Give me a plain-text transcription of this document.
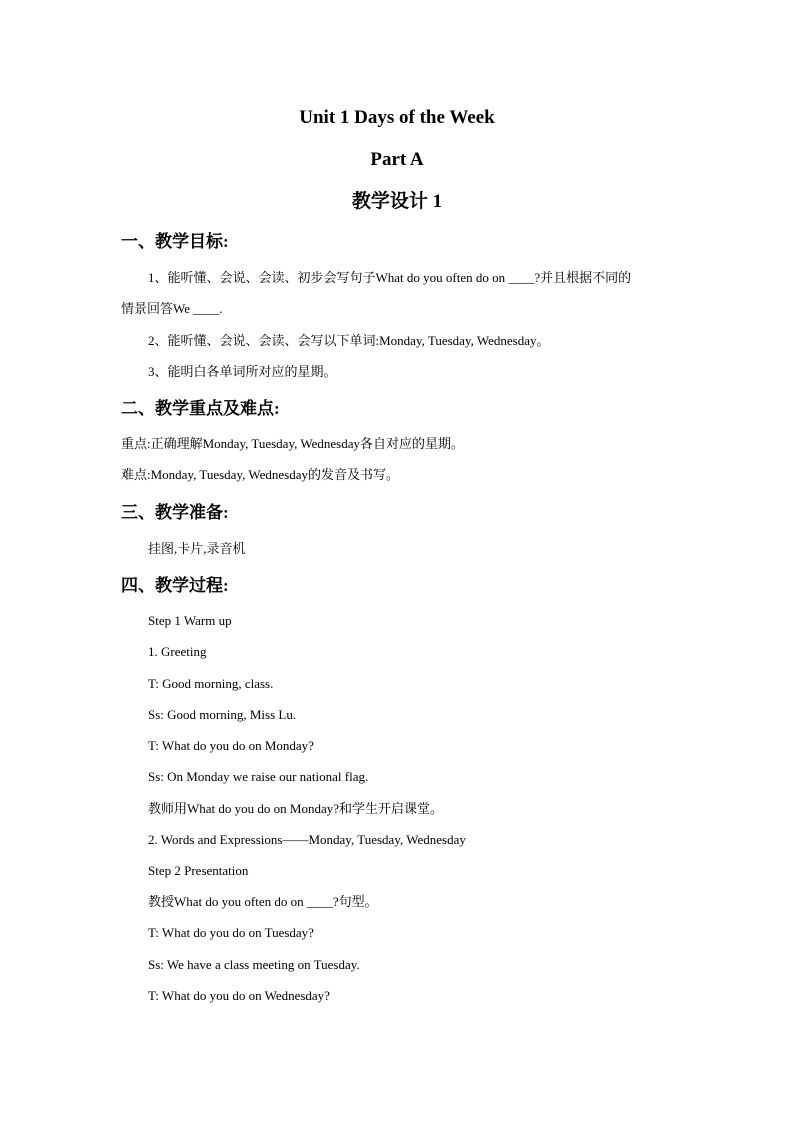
Unit 1 Days of the Week
Part A
教学设计 1
一、教学目标:
1、能听懂、会说、会读、初步会写句子What do you often do on ____?并且根据不同的
情景回答We ____.
2、能听懂、会说、会读、会写以下单词:Monday, Tuesday, Wednesday。
3、能明白各单词所对应的星期。
二、教学重点及难点:
重点:正确理解Monday, Tuesday, Wednesday各自对应的星期。
难点:Monday, Tuesday, Wednesday的发音及书写。
三、教学准备:
挂图,卡片,录音机
四、教学过程:
Step 1 Warm up
1. Greeting
T: Good morning, class.
Ss: Good morning, Miss Lu.
T: What do you do on Monday?
Ss: On Monday we raise our national flag.
教师用What do you do on Monday?和学生开启课堂。
2. Words and Expressions——Monday, Tuesday, Wednesday
Step 2 Presentation
教授What do you often do on ____?句型。
T: What do you do on Tuesday?
Ss: We have a class meeting on Tuesday.
T: What do you do on Wednesday?
